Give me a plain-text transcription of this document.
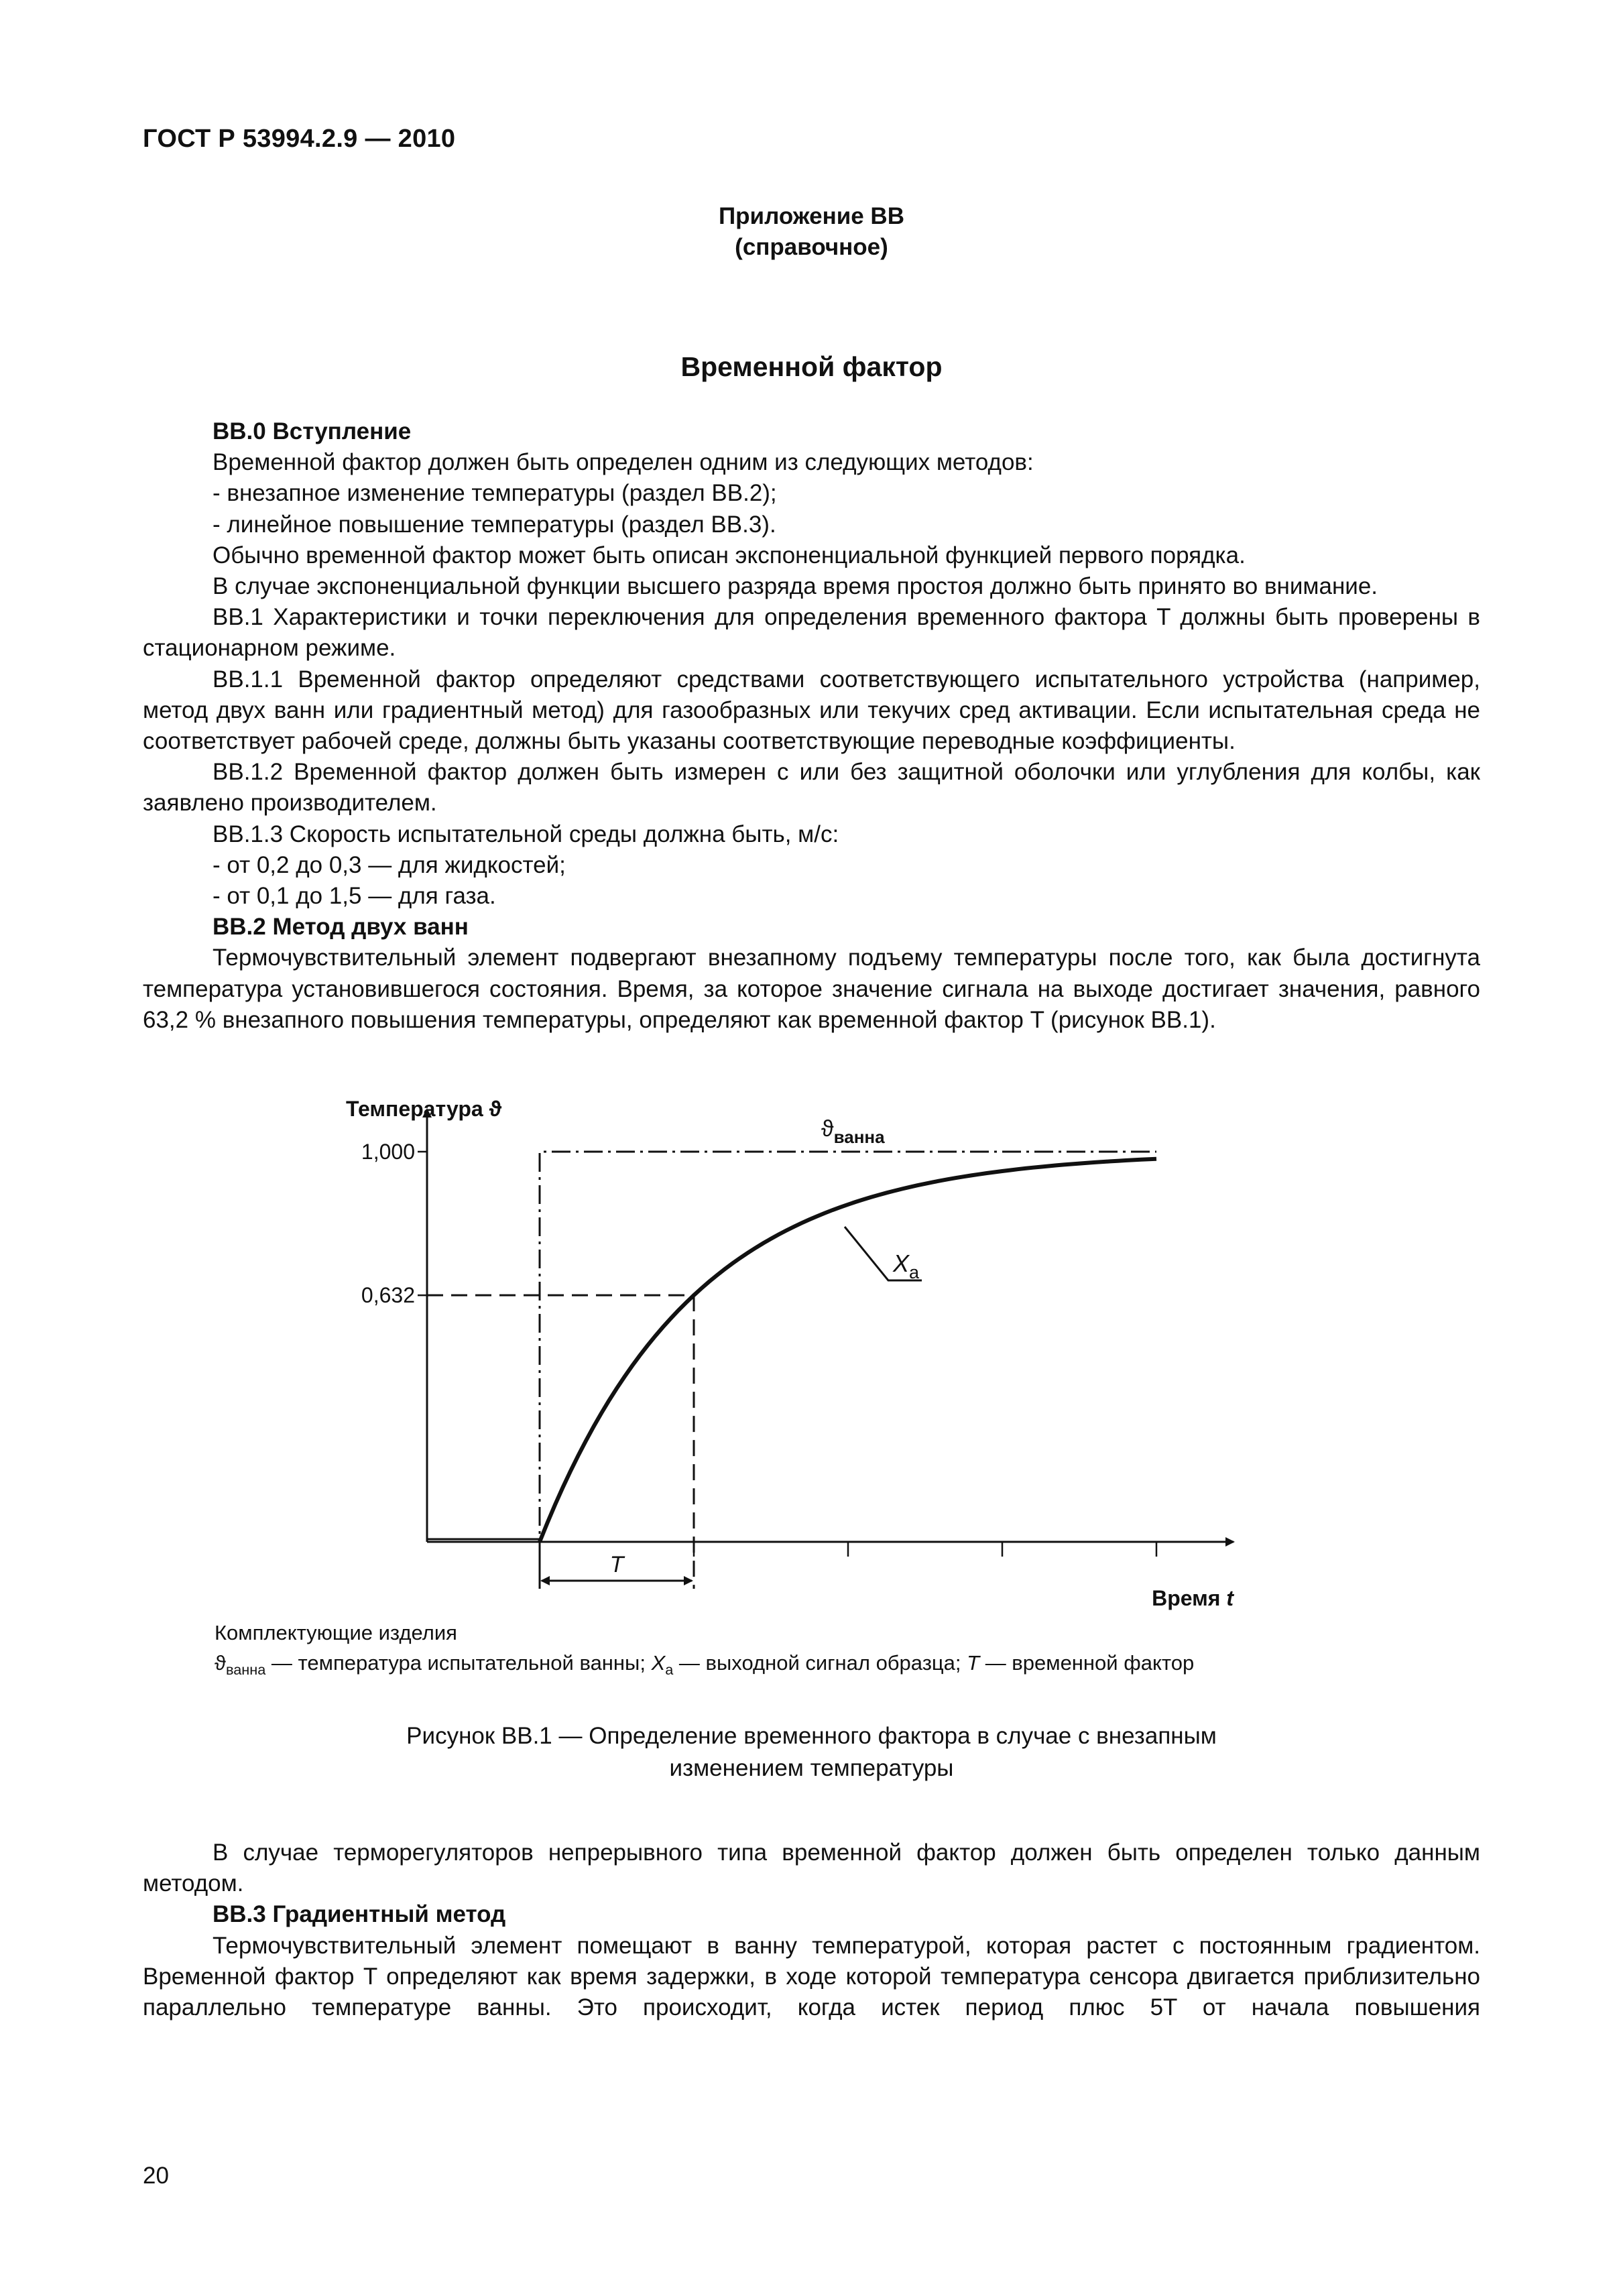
ГОСТ Р 53994.2.9 — 2010
Приложение ВВ
(справочное)
Временной фактор

ВВ.0 Вступление

Временной фактор должен быть определен одним из следующих методов:

- внезапное изменение температуры (раздел ВВ.2);

- линейное повышение температуры (раздел ВВ.3).

Обычно временной фактор может быть описан экспоненциальной функцией первого порядка.

В случае экспоненциальной функции высшего разряда время простоя должно быть принято во внимание.

ВВ.1 Характеристики и точки переключения для определения временного фактора T должны быть проверены в стационарном режиме.

ВВ.1.1 Временной фактор определяют средствами соответствующего испытательного устройства (например, метод двух ванн или градиентный метод) для газообразных или текучих сред активации. Если испытательная среда не соответствует рабочей среде, должны быть указаны соответствующие переводные коэффициенты.

ВВ.1.2 Временной фактор должен быть измерен с или без защитной оболочки или углубления для колбы, как заявлено производителем.

ВВ.1.3 Скорость испытательной среды должна быть, м/с:

- от 0,2 до 0,3 — для жидкостей;

- от 0,1 до 1,5 — для газа.

ВВ.2 Метод двух ванн

Термочувствительный элемент подвергают внезапному подъему температуры после того, как была достигнута температура установившегося состояния. Время, за которое значение сигнала на выходе достигает значения, равного 63,2 % внезапного повышения температуры, определяют как временной фактор T (рисунок ВВ.1).

Температура ϑ
Время t
1,000
0,632
T
$ϑ_{ванна}$
$X_а$
Комплектующие изделия
$ϑ_{ванна}$ — температура испытательной ванны; $X_а$ — выходной сигнал образца; T — временной фактор
Рисунок ВВ.1 — Определение временного фактора в случае с внезапным
изменением температуры

В случае терморегуляторов непрерывного типа временной фактор должен быть определен только данным методом.

ВВ.3 Градиентный метод

Термочувствительный элемент помещают в ванну температурой, которая растет с постоянным градиентом. Временной фактор T определяют как время задержки, в ходе которой температура сенсора двигается приблизительно параллельно температуре ванны. Это происходит, когда истек период плюс 5T от начала повышения

20
